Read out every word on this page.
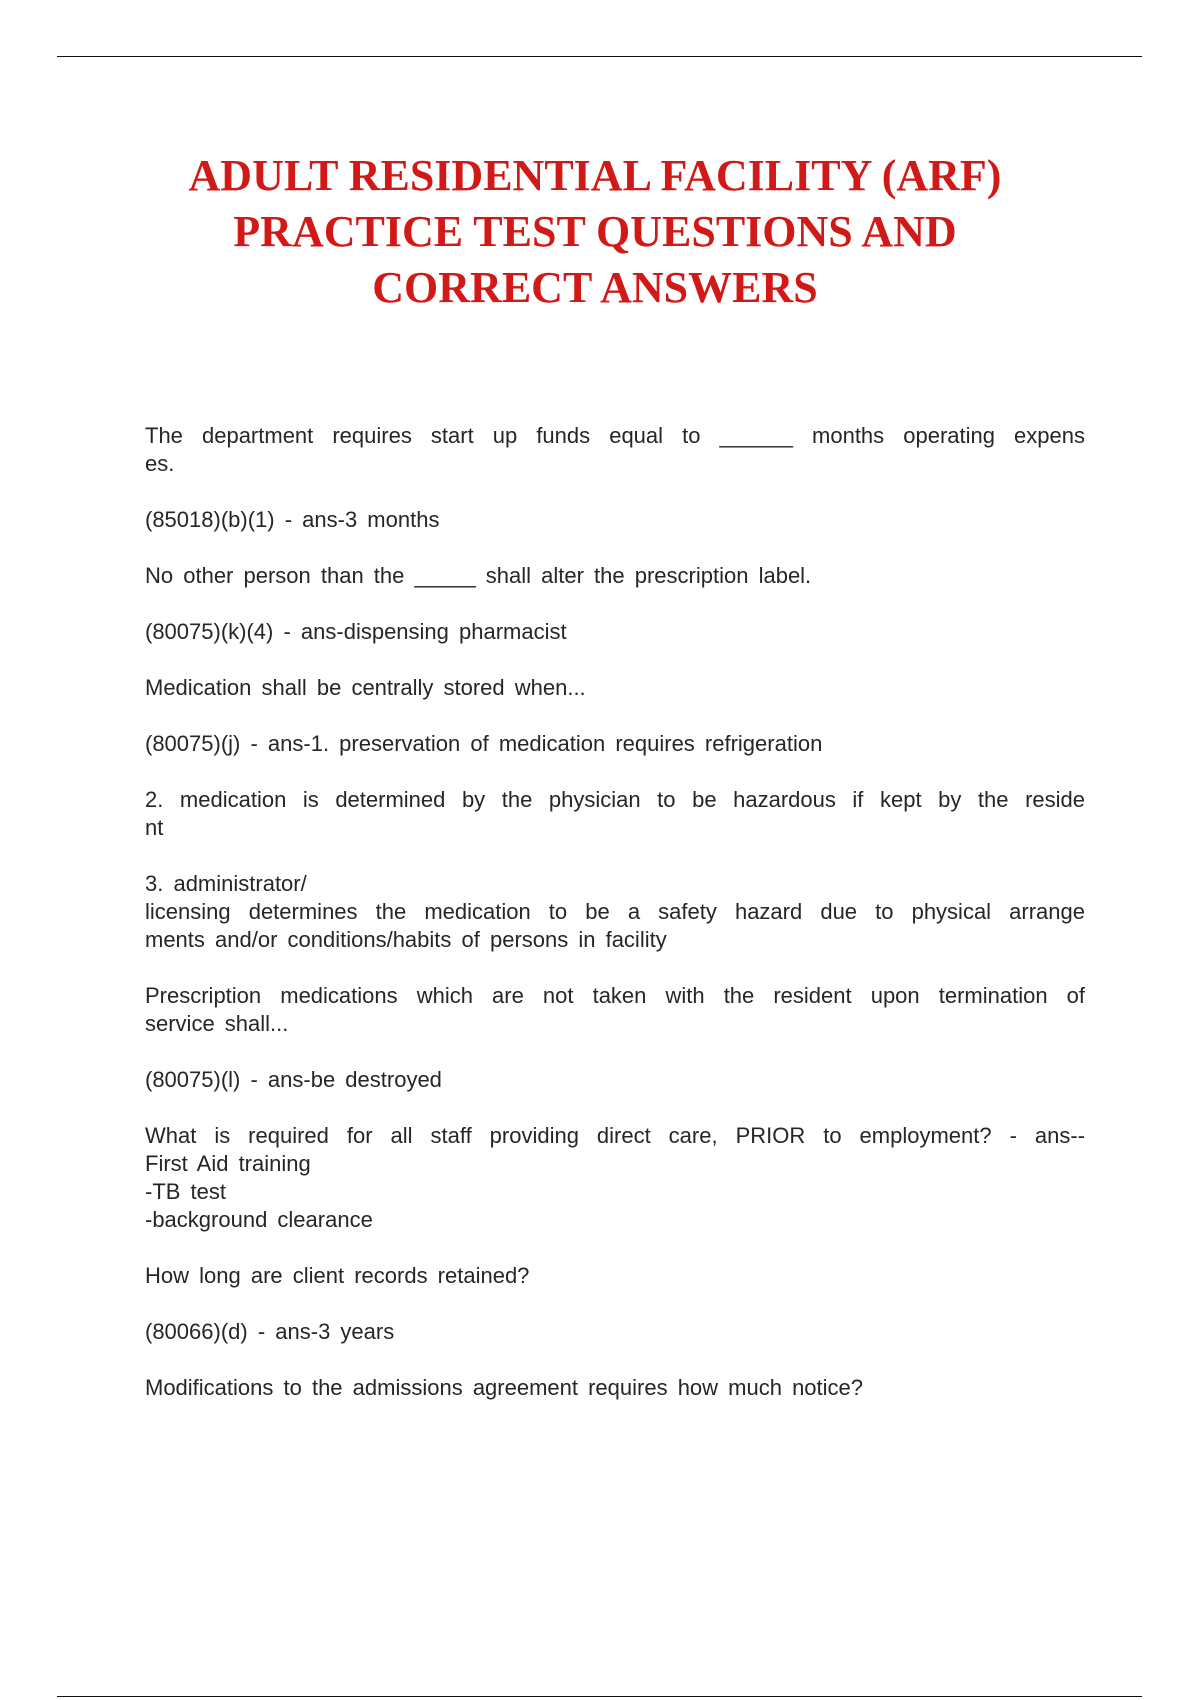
ADULT RESIDENTIAL FACILITY (ARF)
PRACTICE TEST QUESTIONS AND
CORRECT ANSWERS

The department requires start up funds equal to ______ months operating expens
es.

(85018)(b)(1) - ans-3 months

No other person than the _____ shall alter the prescription label.

(80075)(k)(4) - ans-dispensing pharmacist

Medication shall be centrally stored when...

(80075)(j) - ans-1. preservation of medication requires refrigeration

2. medication is determined by the physician to be hazardous if kept by the reside
nt

3. administrator/
licensing determines the medication to be a safety hazard due to physical arrange
ments and/or conditions/habits of persons in facility

Prescription medications which are not taken with the resident upon termination of
service shall...

(80075)(l) - ans-be destroyed

What is required for all staff providing direct care, PRIOR to employment? - ans--
First Aid training
-TB test
-background clearance

How long are client records retained?

(80066)(d) - ans-3 years

Modifications to the admissions agreement requires how much notice?
